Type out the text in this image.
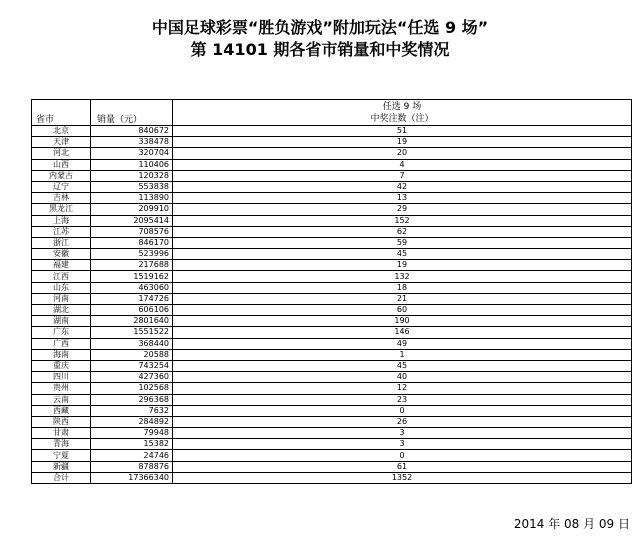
中国足球彩票“胜负游戏”附加玩法“任选 9 场”
第 14101 期各省市销量和中奖情况
省市	销量（元）	任选 9 场
中奖注数（注）

北京	840672	51
天津	338478	19
河北	320704	20
山西	110406	4
内蒙古	120328	7
辽宁	553838	42
吉林	113890	13
黑龙江	209910	29
上海	2095414	152
江苏	708576	62
浙江	846170	59
安徽	523996	45
福建	217688	19
江西	1519162	132
山东	463060	18
河南	174726	21
湖北	606106	60
湖南	2801640	190
广东	1551522	146
广西	368440	49
海南	20588	1
重庆	743254	45
四川	427360	40
贵州	102568	12
云南	296368	23
西藏	7632	0
陕西	284892	26
甘肃	79948	3
青海	15382	3
宁夏	24746	0
新疆	878876	61
合计	17366340	1352
2014 年 08 月 09 日
